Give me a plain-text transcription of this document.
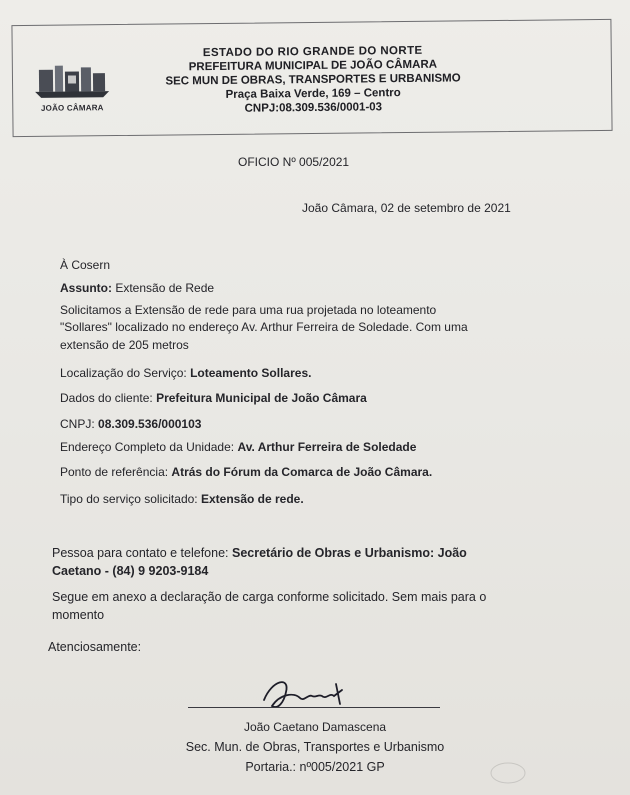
JOÃO CÂMARA
ESTADO DO RIO GRANDE DO NORTE
PREFEITURA MUNICIPAL DE JOÃO CÂMARA
SEC MUN DE OBRAS, TRANSPORTES E URBANISMO
Praça Baixa Verde, 169 – Centro
CNPJ:08.309.536/0001-03
OFICIO Nº 005/2021
João Câmara, 02 de setembro de 2021
À Cosern
Assunto: Extensão de Rede
Solicitamos a Extensão de rede para uma rua projetada no loteamento
"Sollares" localizado no endereço Av. Arthur Ferreira de Soledade. Com uma
extensão de 205 metros
Localização do Serviço: Loteamento Sollares.
Dados do cliente: Prefeitura Municipal de João Câmara
CNPJ: 08.309.536/000103
Endereço Completo da Unidade: Av. Arthur Ferreira de Soledade
Ponto de referência: Atrás do Fórum da Comarca de João Câmara.
Tipo do serviço solicitado: Extensão de rede.
Pessoa para contato e telefone: Secretário de Obras e Urbanismo: João
Caetano - (84) 9 9203-9184
Segue em anexo a declaração de carga conforme solicitado. Sem mais para o
momento
Atenciosamente:
João Caetano Damascena
Sec. Mun. de Obras, Transportes e Urbanismo
Portaria.: nº005/2021 GP
